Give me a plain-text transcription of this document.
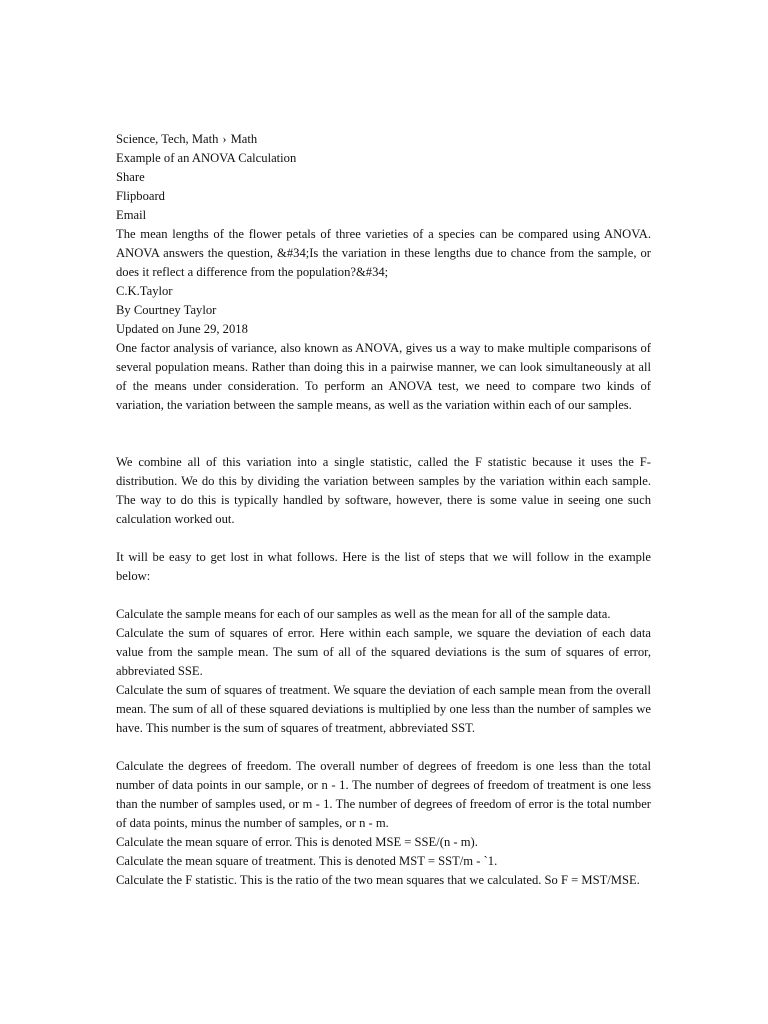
Science, Tech, Math › Math

Example of an ANOVA Calculation

Share

Flipboard

Email

The mean lengths of the flower petals of three varieties of a species can be compared using ANOVA. ANOVA answers the question, &#34;Is the variation in these lengths due to chance from the sample, or does it reflect a difference from the population?&#34;

C.K.Taylor

By Courtney Taylor

Updated on June 29, 2018

One factor analysis of variance, also known as ANOVA, gives us a way to make multiple comparisons of several population means. Rather than doing this in a pairwise manner, we can look simultaneously at all of the means under consideration. To perform an ANOVA test, we need to compare two kinds of variation, the variation between the sample means, as well as the variation within each of our samples.

We combine all of this variation into a single statistic, called the F statistic because it uses the F-distribution. We do this by dividing the variation between samples by the variation within each sample. The way to do this is typically handled by software, however, there is some value in seeing one such calculation worked out.

It will be easy to get lost in what follows. Here is the list of steps that we will follow in the example below:

Calculate the sample means for each of our samples as well as the mean for all of the sample data.

Calculate the sum of squares of error. Here within each sample, we square the deviation of each data value from the sample mean. The sum of all of the squared deviations is the sum of squares of error, abbreviated SSE.

Calculate the sum of squares of treatment. We square the deviation of each sample mean from the overall mean. The sum of all of these squared deviations is multiplied by one less than the number of samples we have. This number is the sum of squares of treatment, abbreviated SST.

Calculate the degrees of freedom. The overall number of degrees of freedom is one less than the total number of data points in our sample, or n - 1. The number of degrees of freedom of treatment is one less than the number of samples used, or m - 1. The number of degrees of freedom of error is the total number of data points, minus the number of samples, or n - m.

Calculate the mean square of error. This is denoted MSE = SSE/(n - m).

Calculate the mean square of treatment. This is denoted MST = SST/m - `1.

Calculate the F statistic. This is the ratio of the two mean squares that we calculated. So F = MST/MSE.
